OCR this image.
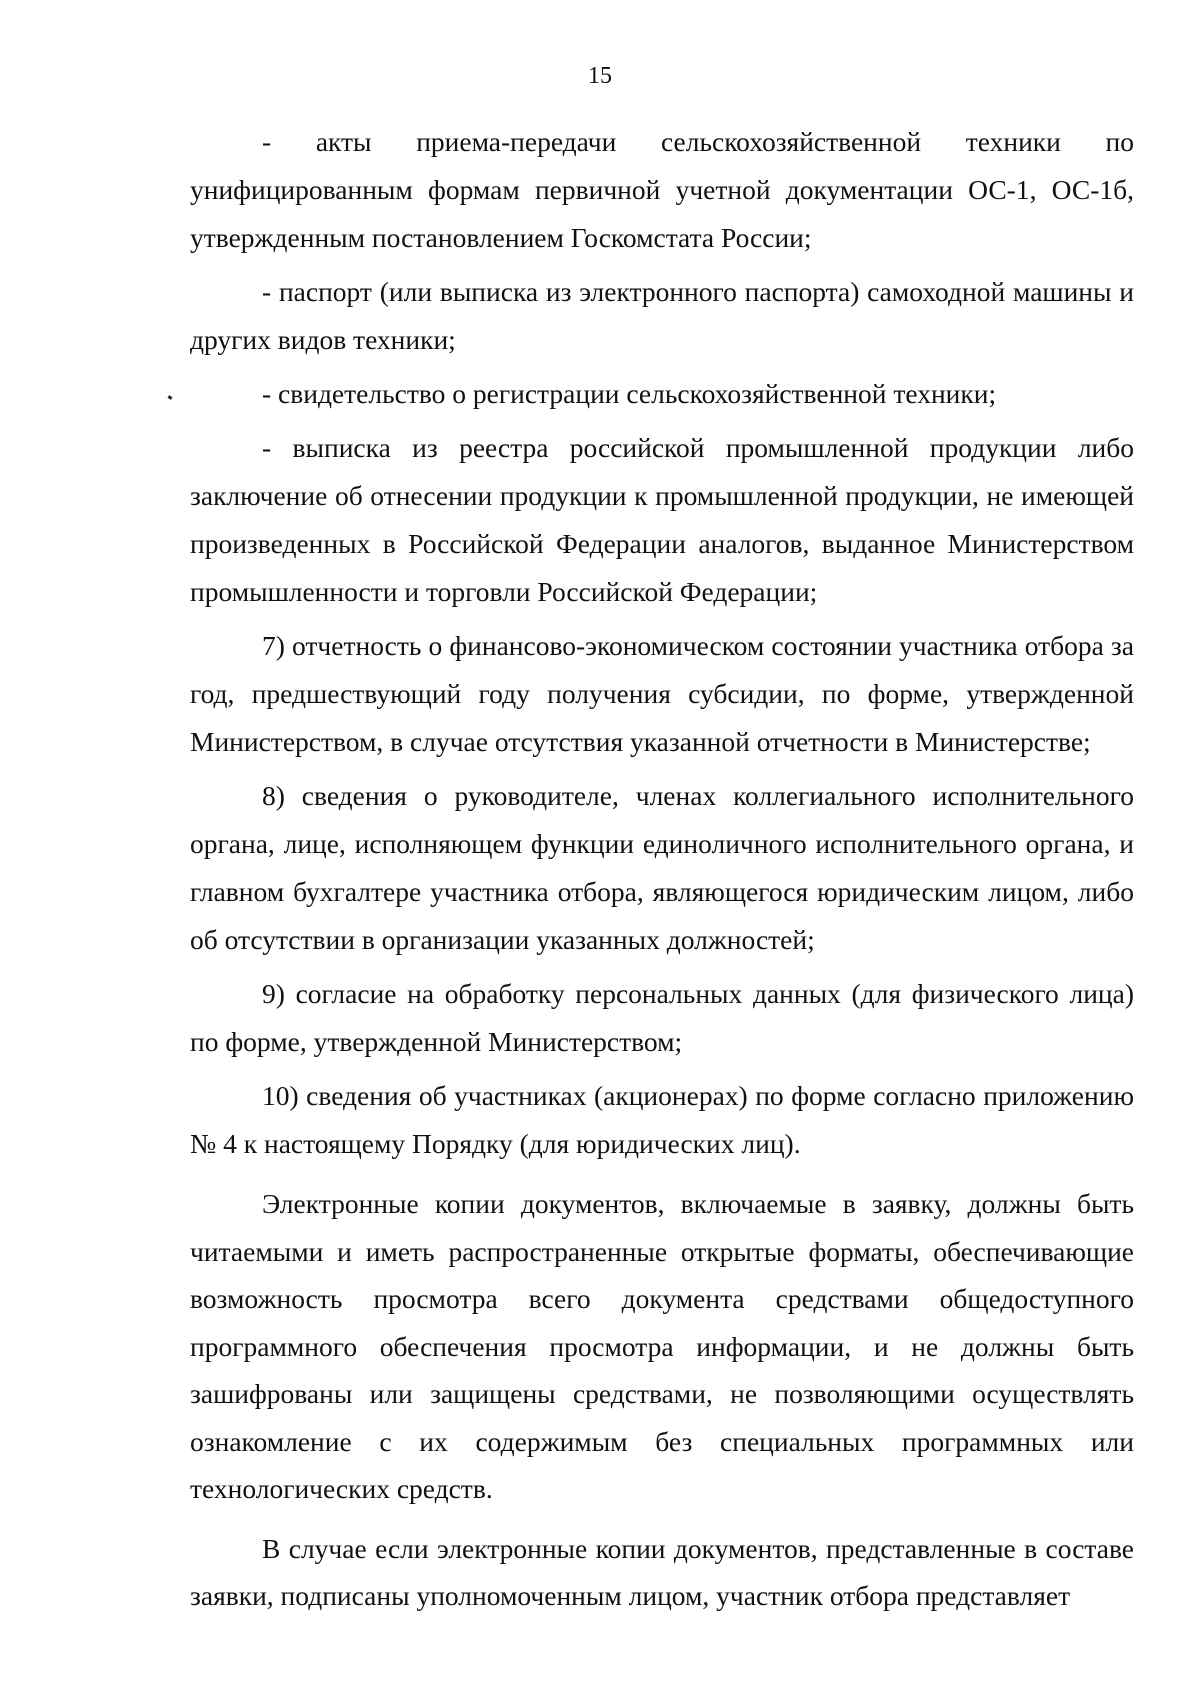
15

- акты приема-передачи сельскохозяйственной техники по унифицированным формам первичной учетной документации ОС-1, ОС-1б, утвержденным постановлением Госкомстата России;

- паспорт (или выписка из электронного паспорта) самоходной машины и других видов техники;

- свидетельство о регистрации сельскохозяйственной техники;

- выписка из реестра российской промышленной продукции либо заключение об отнесении продукции к промышленной продукции, не имеющей произведенных в Российской Федерации аналогов, выданное Министерством промышленности и торговли Российской Федерации;

7) отчетность о финансово-экономическом состоянии участника отбора за год, предшествующий году получения субсидии, по форме, утвержденной Министерством, в случае отсутствия указанной отчетности в Министерстве;

8) сведения о руководителе, членах коллегиального исполнительного органа, лице, исполняющем функции единоличного исполнительного органа, и главном бухгалтере участника отбора, являющегося юридическим лицом, либо об отсутствии в организации указанных должностей;

9) согласие на обработку персональных данных (для физического лица) по форме, утвержденной Министерством;

10) сведения об участниках (акционерах) по форме согласно приложению № 4 к настоящему Порядку (для юридических лиц).

Электронные копии документов, включаемые в заявку, должны быть читаемыми и иметь распространенные открытые форматы, обеспечивающие возможность просмотра всего документа средствами общедоступного программного обеспечения просмотра информации, и не должны быть зашифрованы или защищены средствами, не позволяющими осуществлять ознакомление с их содержимым без специальных программных или технологических средств.

В случае если электронные копии документов, представленные в составе заявки, подписаны уполномоченным лицом, участник отбора представляет
